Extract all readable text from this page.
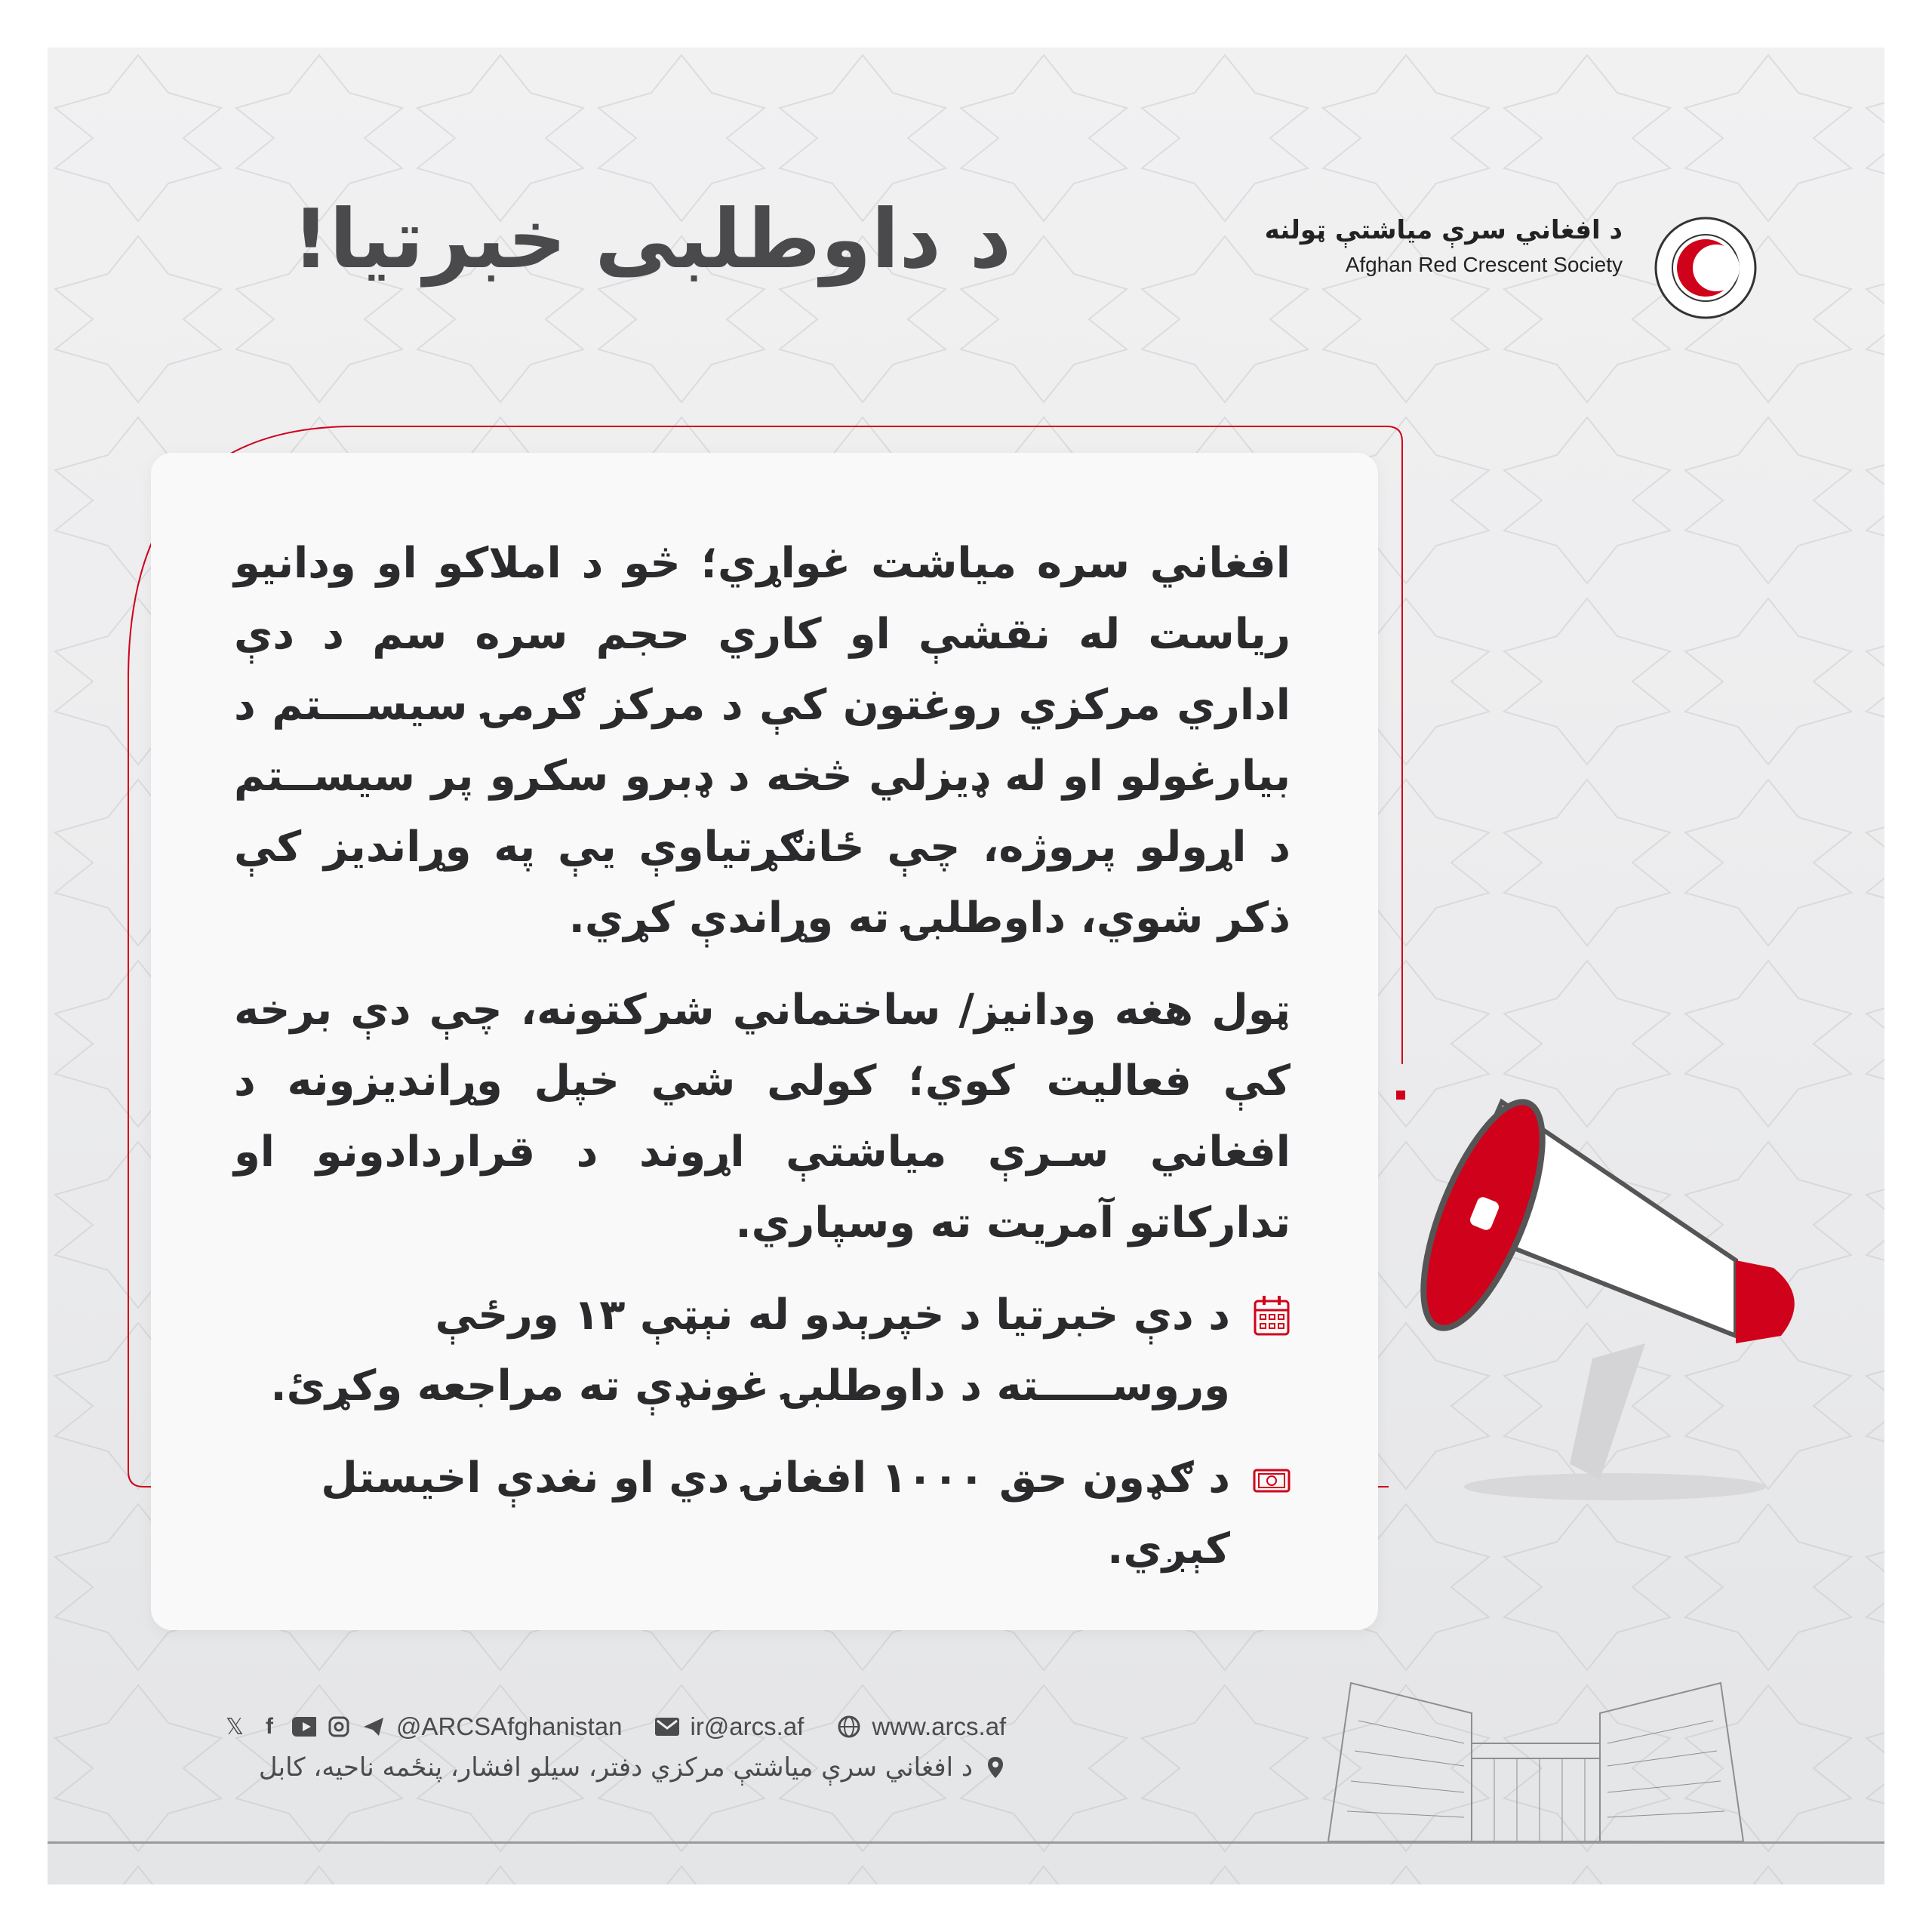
د داوطلبی خبرتیا!	د افغاني سرې میاشتې ټولنه
Afghan Red Crescent Society
افغاني سره میاشت غواړي؛ څو د املاکو او ودانیو ریاست له نقشې او کاري حجم سره سم د دې اداري مرکزي روغتون کې د مرکز ګرمۍ سیســـتم د بیارغولو او له ډیزلي څخه د ډبرو سکرو پر سیســتم د اړولو پروژه، چې ځانګړتیاوې یې په وړاندیز کې ذکر شوي، داوطلبۍ ته وړاندې کړي.
ټول هغه ودانیز/ ساختماني شرکتونه، چې دې برخه کې فعالیت کوي؛ کولی شي خپل وړاندیزونه د افغاني سـرې میاشتې اړوند د قراردادونو او تدارکاتو آمریت ته وسپاري.
د دې خبرتیا د خپرېدو له نېټې ۱۳ ورځې وروســـــته د داوطلبۍ غونډې ته مراجعه وکړئ.
د ګډون حق ۱۰۰۰ افغانۍ دي او نغدې اخیستل کېږي.
𝕏 f	@ARCSAfghanistan	ir@arcs.af	www.arcs.af
د افغاني سرې میاشتې مرکزي دفتر، سیلو افشار، پنځمه ناحیه، کابل
